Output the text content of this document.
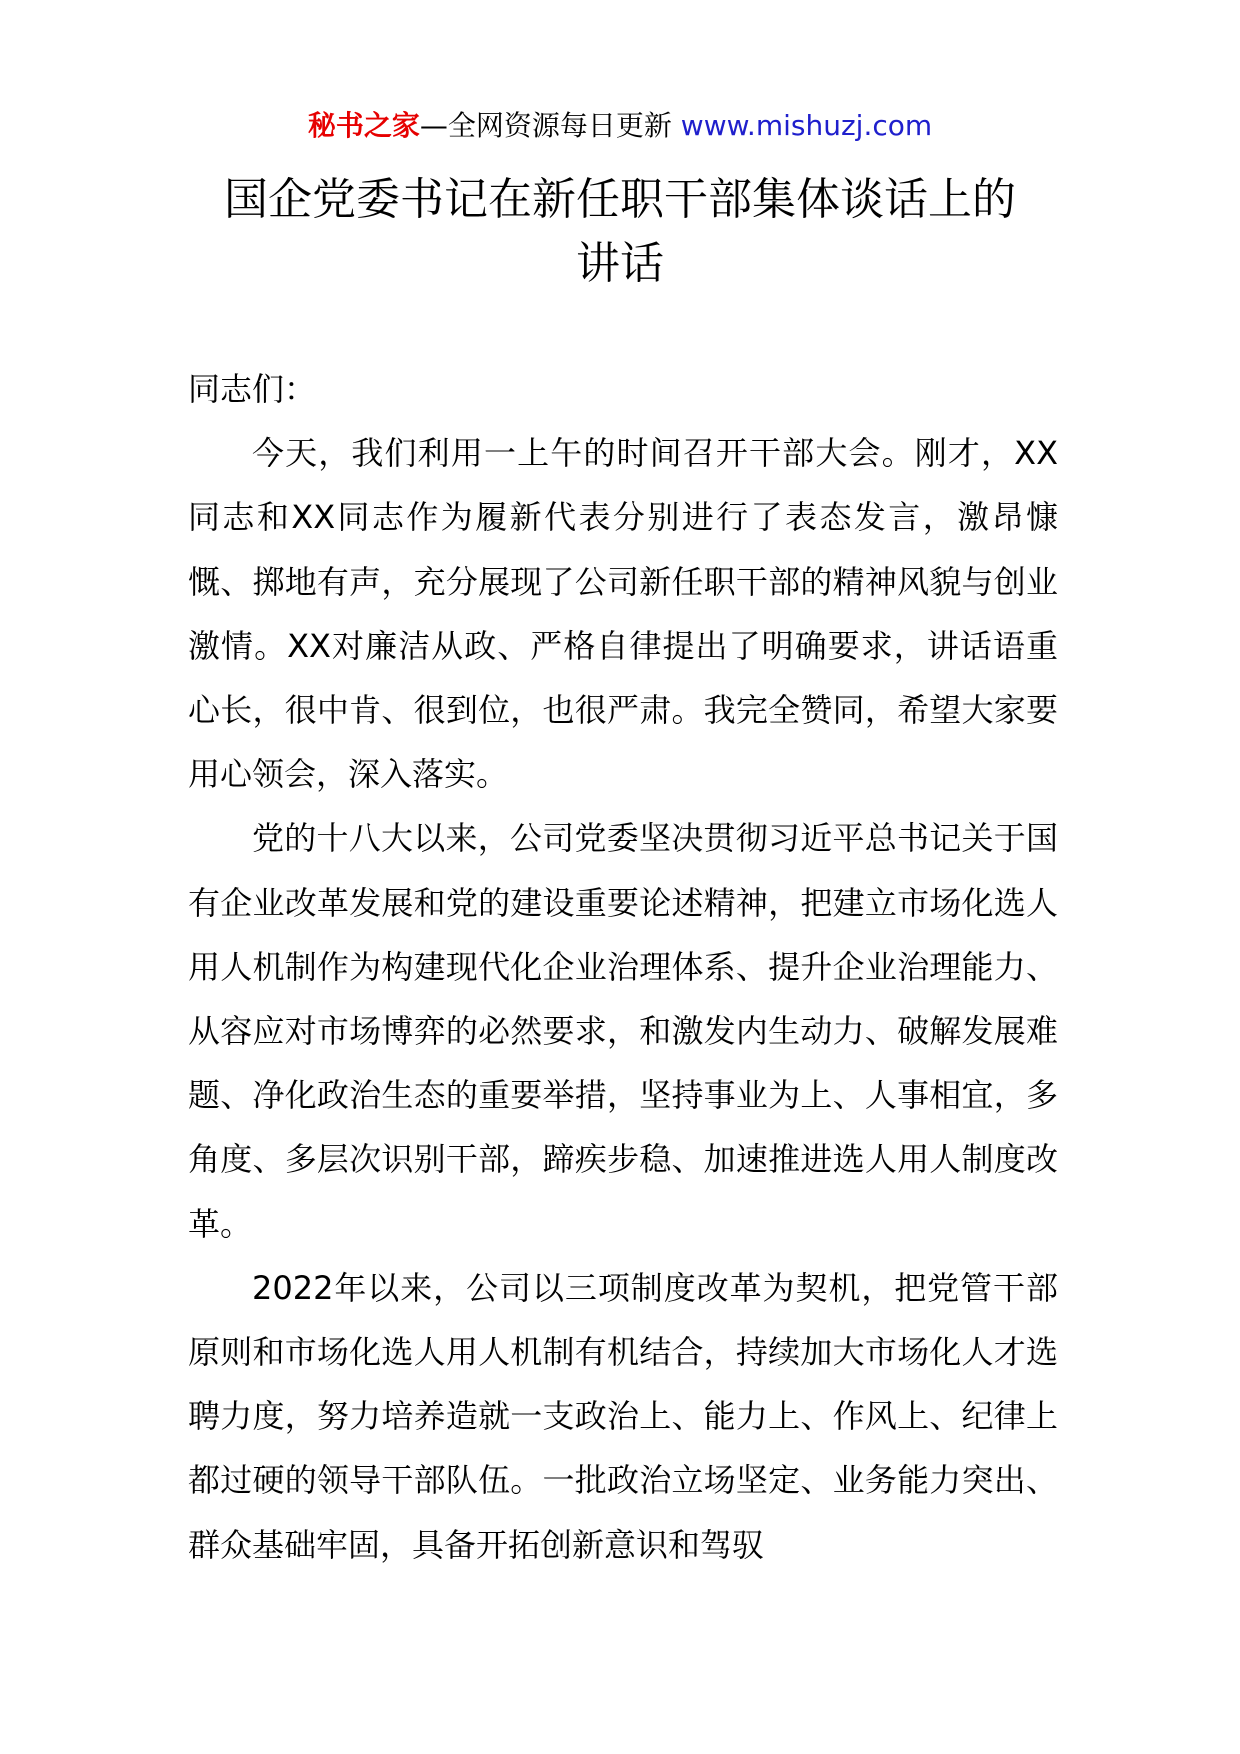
秘书之家—全网资源每日更新 www.mishuzj.com
国企党委书记在新任职干部集体谈话上的
讲话

同志们：

今天，我们利用一上午的时间召开干部大会。刚才，XX同志和XX同志作为履新代表分别进行了表态发言，激昂慷慨、掷地有声，充分展现了公司新任职干部的精神风貌与创业激情。XX对廉洁从政、严格自律提出了明确要求，讲话语重心长，很中肯、很到位，也很严肃。我完全赞同，希望大家要用心领会，深入落实。

党的十八大以来，公司党委坚决贯彻习近平总书记关于国有企业改革发展和党的建设重要论述精神，把建立市场化选人用人机制作为构建现代化企业治理体系、提升企业治理能力、从容应对市场博弈的必然要求，和激发内生动力、破解发展难题、净化政治生态的重要举措，坚持事业为上、人事相宜，多角度、多层次识别干部，蹄疾步稳、加速推进选人用人制度改革。

2022年以来，公司以三项制度改革为契机，把党管干部原则和市场化选人用人机制有机结合，持续加大市场化人才选聘力度，努力培养造就一支政治上、能力上、作风上、纪律上都过硬的领导干部队伍。一批政治立场坚定、业务能力突出、群众基础牢固，具备开拓创新意识和驾驭
